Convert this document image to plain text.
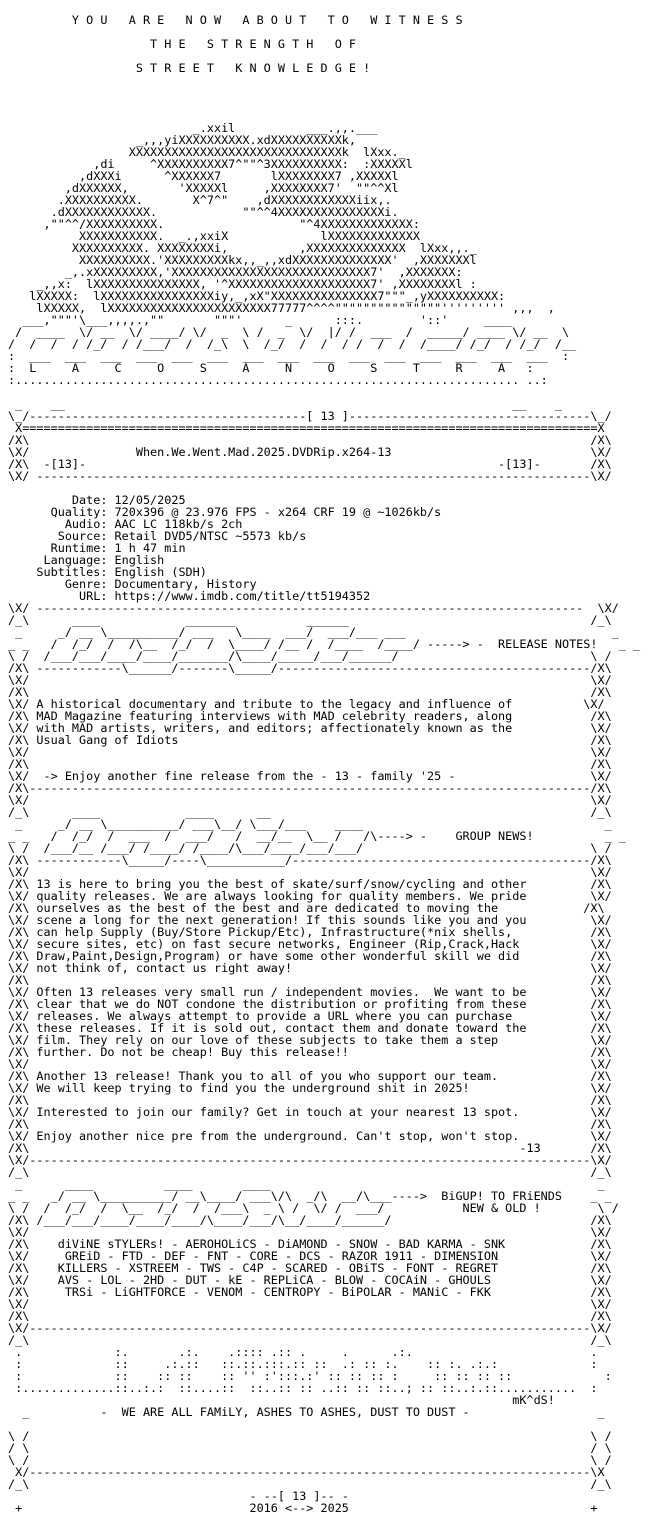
Y O U   A R E   N O W   A B O U T   T O   W I T N E S S

T H E   S T R E N G T H   O F

S T R E E T   K N O W L E D G E !

_.xxil          ___.,,.___
_,,,yiXXXXXXXXXX.xdXXXXXXXXXXk,
XXXXXXXXXXXXXXXXXXXXXXXXXXXXXXk  lXxx._
,di     ^XXXXXXXXXX7^""^3XXXXXXXXXX:  :XXXXXl
,dXXXi      ^XXXXXX7       lXXXXXXXX7 ,XXXXXl
,dXXXXXX,       'XXXXXl     ,XXXXXXXX7'  ""^^Xl
.XXXXXXXXXX.       X^7^"    ,dXXXXXXXXXXXXiix,.
.dXXXXXXXXXXXX.            ""^^4XXXXXXXXXXXXXXXi.
,""^^/XXXXXXXXXX.                   "^4XXXXXXXXXXXXX:
XXXXXXXXXXX.  _.,xxiX             lXXXXXXXXXXXXX
XXXXXXXXXX. XXXXXXXXi,          ,XXXXXXXXXXXXXX  lXxx,,._
XXXXXXXXXX.'XXXXXXXXXkx,,_,,xdXXXXXXXXXXXXXX'  ,XXXXXXXl
_,.xXXXXXXXXX,'XXXXXXXXXXXXXXXXXXXXXXXXXXXX7'  ,XXXXXXX:
_,,x:  lXXXXXXXXXXXXXXX, '^XXXXXXXXXXXXXXXXXXXX7' ,XXXXXXXXl :
lXXXXX:  lXXXXXXXXXXXXXXXXiy,_,xX"XXXXXXXXXXXXXXX7"""_,yXXXXXXXXXX:
lXXXXX,  lXXXXXXXXXXXXXXXXXXXXXXX77777^^^^"""""""""""""""''''''''' ,,,  ,
___,"""'\___,,,,.,""       """'      _      :::.        '::'     ____
/  ____  \/ __  \/ ____/ \/  _  \ /  _  \/  |/ /  ___  /  _____/ ____ \/ __  \
/  /  /  / /_/  / /___/  /  /_\  \  /_/  /  /  / /  /  /  /____/ /_/  / /_/  /__
:  ___  ___  ___  ___  ___  ___  ___  ___  ___  ___  ___  ___  ___  ___  ___  :
:  L     A     C     O     S     A     N     O     S     T     R     A   :
:....................................................................... ..:

_    __                                                               __    _
\_/---------------------------------------[ 13 ]----------------------------------\_/
X=================================================================================X
/X\                                                                               /X\
\X/               When.We.Went.Mad.2025.DVDRip.x264-13                            \X/
/X\  -[13]-                                                          -[13]-       /X\
\X/ ------------------------------------------------------------------------------\X/

Date: 12/05/2025
Quality: 720x396 @ 23.976 FPS - x264 CRF 19 @ ~1026kb/s
Audio: AAC LC 118kb/s 2ch
Source: Retail DVD5/NTSC ~5573 kb/s
Runtime: 1 h 47 min
Language: English
Subtitles: English (SDH)
Genre: Documentary, History
URL: https://www.imdb.com/title/tt5194352
\X/ -----------------------------------------------------------------------------  \X/
/_\      ____            _______          ______                                  /_\
_     _/ __ \__________/ ___   \____  ___/  ___/___ ___                             _
_ _   /  /_/  /  /\__  /_/  /  \____/ /__ /  /____  /____/ -----> -  RELEASE NOTES!   _ _
\ /  /___/___/____/____/_______/\____/_____/___/______/                           \ /
/X\ ------------\______/-------\_____/--------------------------------------------/X\
\X/                                                                               \X/
/X\                                                                               /X\
\X/ A historical documentary and tribute to the legacy and influence of          \X/
/X\ MAD Magazine featuring interviews with MAD celebrity readers, along           /X\
\X/ with MAD artists, writers, and editors; affectionately known as the           \X/
/X\ Usual Gang of Idiots                                                          /X\
\X/                                                                               \X/
/X\                                                                               /X\
\X/  -> Enjoy another fine release from the - 13 - family '25 -                   \X/
/X\-------------------------------------------------------------------------------/X\
\X/                                                                               \X/
/_\      ____            ____      __                                             /_\
_     _/ __ \__________/ ___\__/ \___/___    ____                                  _
_ _   /  /_/  /  ___  /  ___/   /  __/__  \__ /   /\----> -    GROUP NEWS!          _ _
\ /  /___/__ /___/ /____/ /____/\___/____/___/___/                                \ /
/X\ ------------\_____/----\___________/------------------------------------------/X\
\X/                                                                               \X/
/X\ 13 is here to bring you the best of skate/surf/snow/cycling and other         /X\
\X/ quality releases. We are always looking for quality members. We pride         \X/
/X\ ourselves as the best of the best and are dedicated to moving the            /X\
\X/ scene a long for the next generation! If this sounds like you and you         \X/
/X\ can help Supply (Buy/Store Pickup/Etc), Infrastructure(*nix shells,           /X\
\X/ secure sites, etc) on fast secure networks, Engineer (Rip,Crack,Hack          \X/
/X\ Draw,Paint,Design,Program) or have some other wonderful skill we did          /X\
\X/ not think of, contact us right away!                                          \X/
/X\                                                                               /X\
\X/ Often 13 releases very small run / independent movies.  We want to be         \X/
/X\ clear that we do NOT condone the distribution or profiting from these         /X\
\X/ releases. We always attempt to provide a URL where you can purchase           \X/
/X\ these releases. If it is sold out, contact them and donate toward the         /X\
\X/ film. They rely on our love of these subjects to take them a step             \X/
/X\ further. Do not be cheap! Buy this release!!                                  /X\
\X/                                                                               \X/
/X\ Another 13 release! Thank you to all of you who support our team.             /X\
\X/ We will keep trying to find you the underground shit in 2025!                 \X/
/X\                                                                               /X\
\X/ Interested to join our family? Get in touch at your nearest 13 spot.          \X/
/X\                                                                               /X\
\X/ Enjoy another nice pre from the underground. Can't stop, won't stop.          \X/
/X\                                                                     -13       /X\
\X/-------------------------------------------------------------------------------\X/
/_\                                                                               /_\
_      ____          ____       ____                                              _
_ _   _/ __ \__________/ __\____/ ___\/\  _/\  __/\___---->  BiGUP! TO FRiENDS    _ _
\ /  /  /_/  /  \__  /_/  /  /___\  _ \ /  \/ /  ___/           NEW & OLD !        \ /
/X\ /___/___/____/____/____/\____/___/\__/____/______/                            /X\
\X/                                                                               \X/
/X\    diViNE sTYLERs! - AEROHOLiCS - DiAMOND - SNOW - BAD KARMA - SNK            /X\
\X/     GREiD - FTD - DEF - FNT - CORE - DCS - RAZOR 1911 - DIMENSION             \X/
/X\    KILLERS - XSTREEM - TWS - C4P - SCARED - OBiTS - FONT - REGRET             /X\
\X/    AVS - LOL - 2HD - DUT - kE - REPLiCA - BLOW - COCAiN - GHOULS              \X/
/X\     TRSi - LiGHTFORCE - VENOM - CENTROPY - BiPOLAR - MANiC - FKK              /X\
\X/                                                                               \X/
/X\                                                                               /X\
\X/-------------------------------------------------------------------------------\X/
/_\                                                                               /_\
.             :.       .:.    .:::: .:: .     .      .:.                         .
:             ::     .:.::   ::.::.:::.:: ::  .: :: :.    :: :. .:.:             :
:             ::    :: ::    :: '' :':::.:' :: :: :: :     :: :: :: ::             :
:.............::..:.:  ::....::  ::..:: :: ..:: :: ::..; :: ::..:.::...........  :
mK^dS!
_          -  WE ARE ALL FAMiLY, ASHES TO ASHES, DUST TO DUST -                  _

\ /                                                                               \ /
/ \                                                                               / \
\ /                                                                               \ /
X/-------------------------------------------------------------------------------\X
/_\                                                                               /_\
- --[ 13 ]-- -
+                                2016 <--> 2025                                  +
